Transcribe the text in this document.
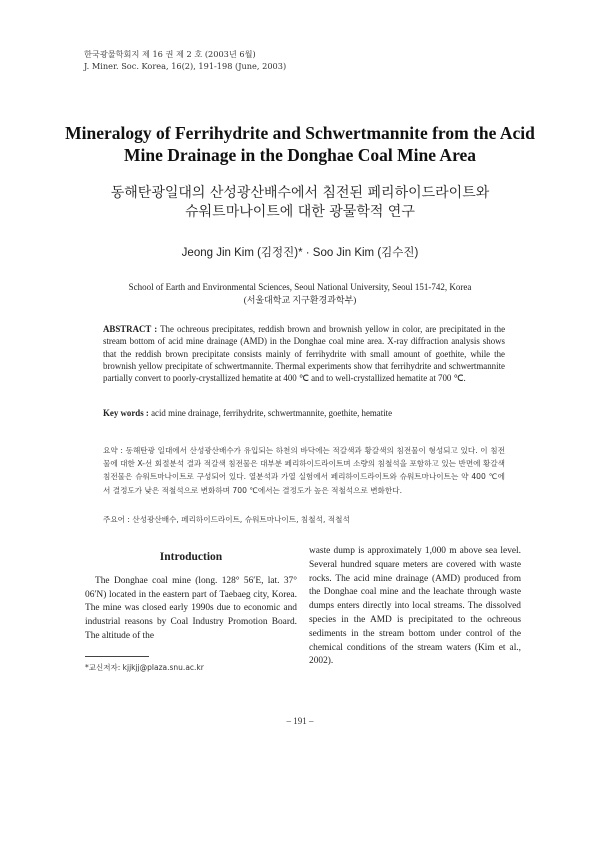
한국광물학회지 제 16 권 제 2 호 (2003년 6월)
J. Miner. Soc. Korea, 16(2), 191-198 (June, 2003)
Mineralogy of Ferrihydrite and Schwertmannite from the Acid
Mine Drainage in the Donghae Coal Mine Area
동해탄광일대의 산성광산배수에서 침전된 페리하이드라이트와
슈워트마나이트에 대한 광물학적 연구
Jeong Jin Kim (김정진)* · Soo Jin Kim (김수진)
School of Earth and Environmental Sciences, Seoul National University, Seoul 151-742, Korea
(서울대학교 지구환경과학부)
ABSTRACT : The ochreous precipitates, reddish brown and brownish yellow in color, are precipitated in the stream bottom of acid mine drainage (AMD) in the Donghae coal mine area. X-ray diffraction analysis shows that the reddish brown precipitate consists mainly of ferrihydrite with small amount of goethite, while the brownish yellow precipitate of schwertmannite. Thermal experiments show that ferrihydrite and schwertmannite partially convert to poorly-crystallized hematite at 400 ℃ and to well-crystallized hematite at 700 ℃.
Key words : acid mine drainage, ferrihydrite, schwertmannite, goethite, hematite
요약 : 동해탄광 일대에서 산성광산배수가 유입되는 하천의 바닥에는 적갈색과 황갈색의 침전물이 형성되고 있다. 이 침전물에 대한 X-선 회절분석 결과 적갈색 침전물은 대부분 페리하이드라이트며 소량의 침철석을 포함하고 있는 반면에 황갈색 침전물은 슈워트마나이트로 구성되어 있다. 열분석과 가열 실험에서 페리하이드라이트와 슈워트마나이트는 약 400 ℃에서 결정도가 낮은 적철석으로 변화하며 700 ℃에서는 결정도가 높은 적철석으로 변화한다.
주요어 : 산성광산배수, 페리하이드라이트, 슈워트마나이트, 침철석, 적철석
Introduction

The Donghae coal mine (long. 128° 56′E, lat. 37° 06′N) located in the eastern part of Taebaeg city, Korea. The mine was closed early 1990s due to economic and industrial reasons by Coal Industry Promotion Board. The altitude of the

waste dump is approximately 1,000 m above sea level. Several hundred square meters are covered with waste rocks. The acid mine drainage (AMD) produced from the Donghae coal mine and the leachate through waste dumps enters directly into local streams. The dissolved species in the AMD is precipitated to the ochreous sediments in the stream bottom under control of the chemical conditions of the stream waters (Kim et al., 2002).

*교신저자: kjjkjj@plaza.snu.ac.kr
– 191 –
